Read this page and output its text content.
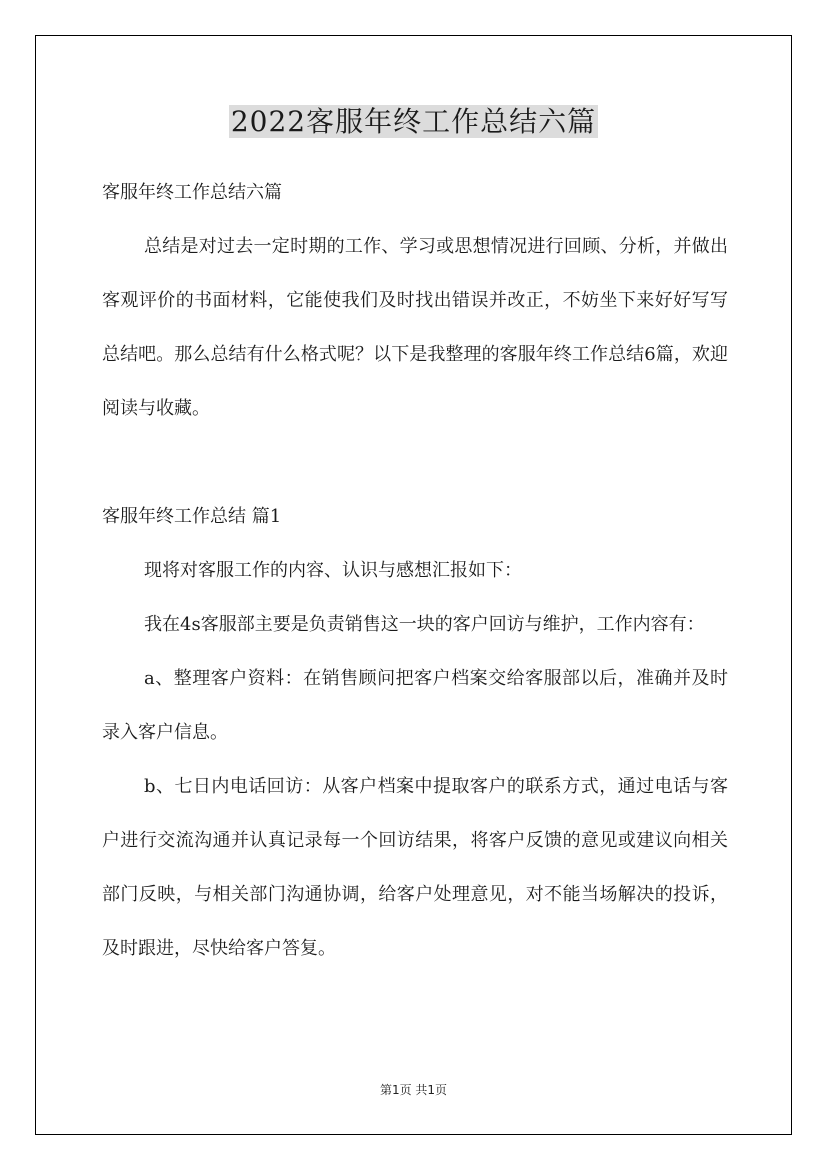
2022客服年终工作总结六篇

客服年终工作总结六篇

总结是对过去一定时期的工作、学习或思想情况进行回顾、分析，并做出客观评价的书面材料，它能使我们及时找出错误并改正，不妨坐下来好好写写总结吧。那么总结有什么格式呢？以下是我整理的客服年终工作总结6篇，欢迎阅读与收藏。

客服年终工作总结 篇1

现将对客服工作的内容、认识与感想汇报如下：

我在4s客服部主要是负责销售这一块的客户回访与维护，工作内容有：

a、整理客户资料：在销售顾问把客户档案交给客服部以后，准确并及时录入客户信息。

b、七日内电话回访：从客户档案中提取客户的联系方式，通过电话与客户进行交流沟通并认真记录每一个回访结果，将客户反馈的意见或建议向相关部门反映，与相关部门沟通协调，给客户处理意见，对不能当场解决的投诉，及时跟进，尽快给客户答复。

第1页 共1页
